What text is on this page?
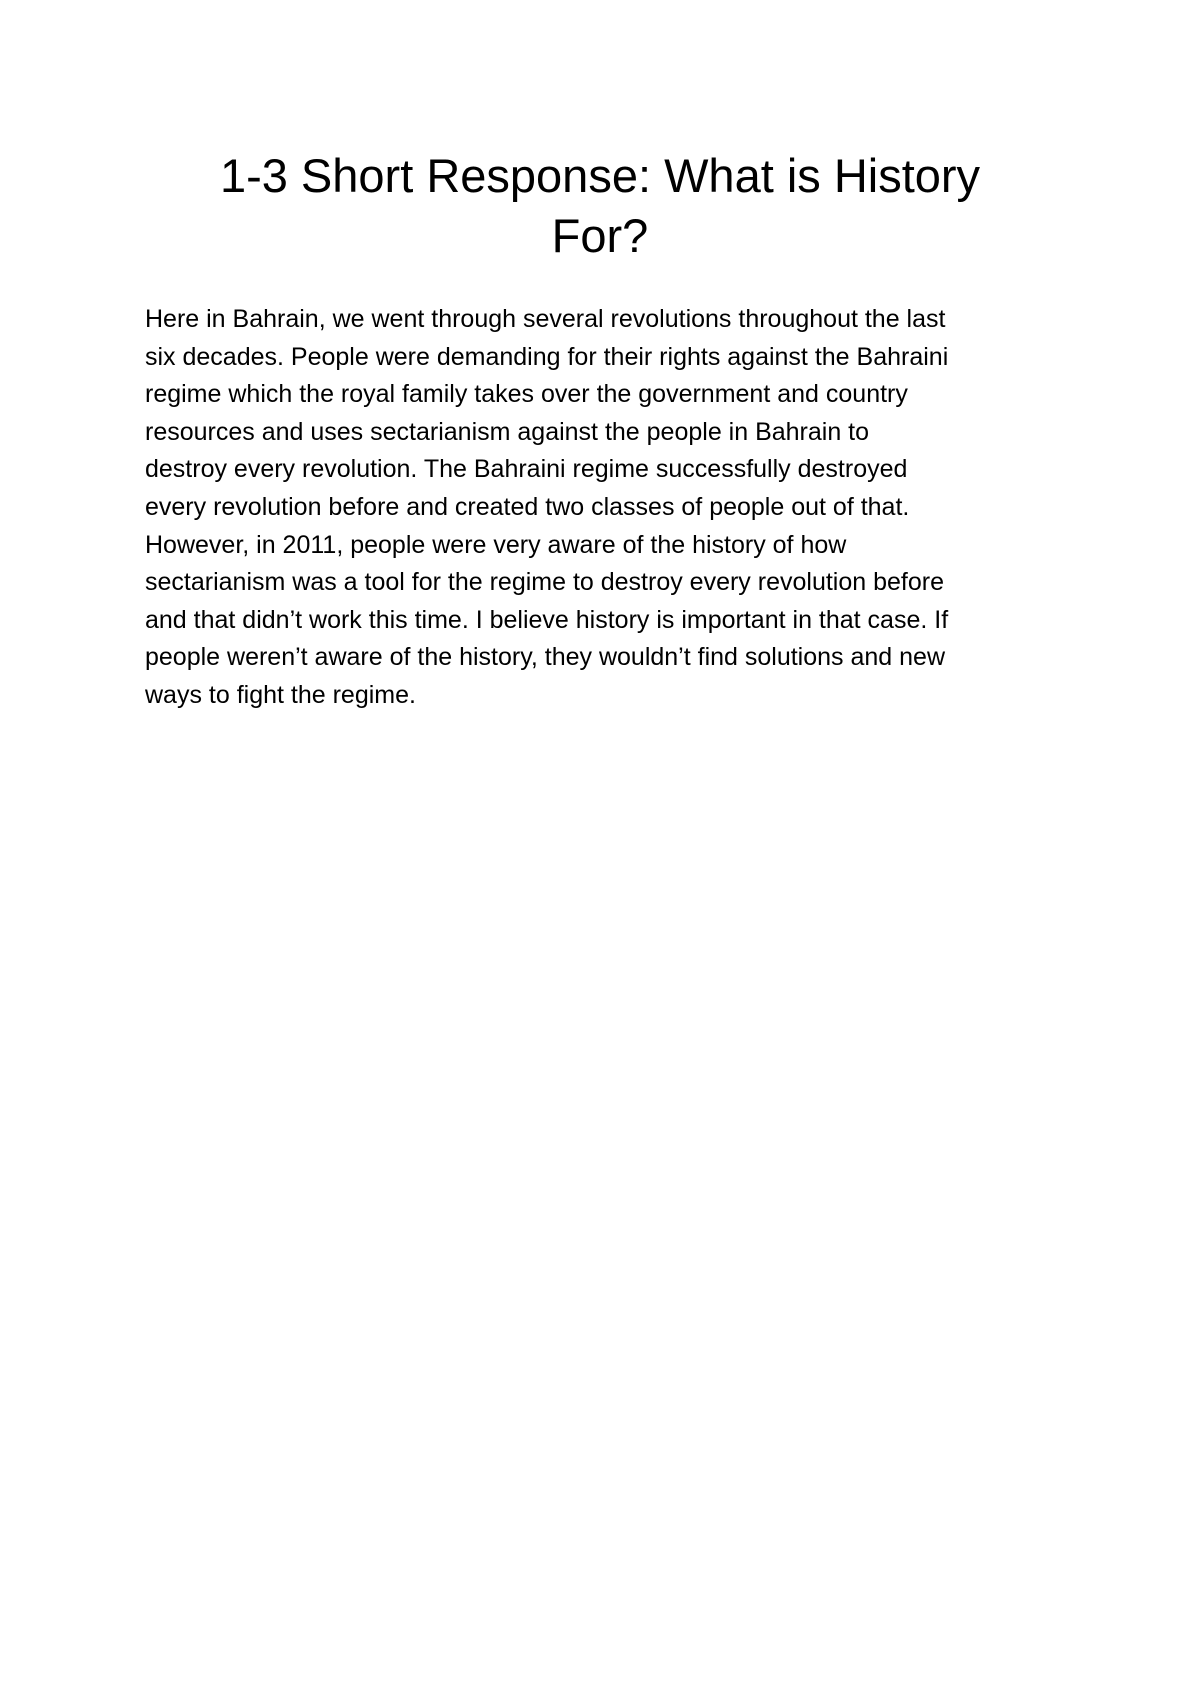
1-3 Short Response: What is History
For?
Here in Bahrain, we went through several revolutions throughout the last
six decades. People were demanding for their rights against the Bahraini
regime which the royal family takes over the government and country
resources and uses sectarianism against the people in Bahrain to
destroy every revolution. The Bahraini regime successfully destroyed
every revolution before and created two classes of people out of that.
However, in 2011, people were very aware of the history of how
sectarianism was a tool for the regime to destroy every revolution before
and that didn’t work this time. I believe history is important in that case. If
people weren’t aware of the history, they wouldn’t find solutions and new
ways to fight the regime.
